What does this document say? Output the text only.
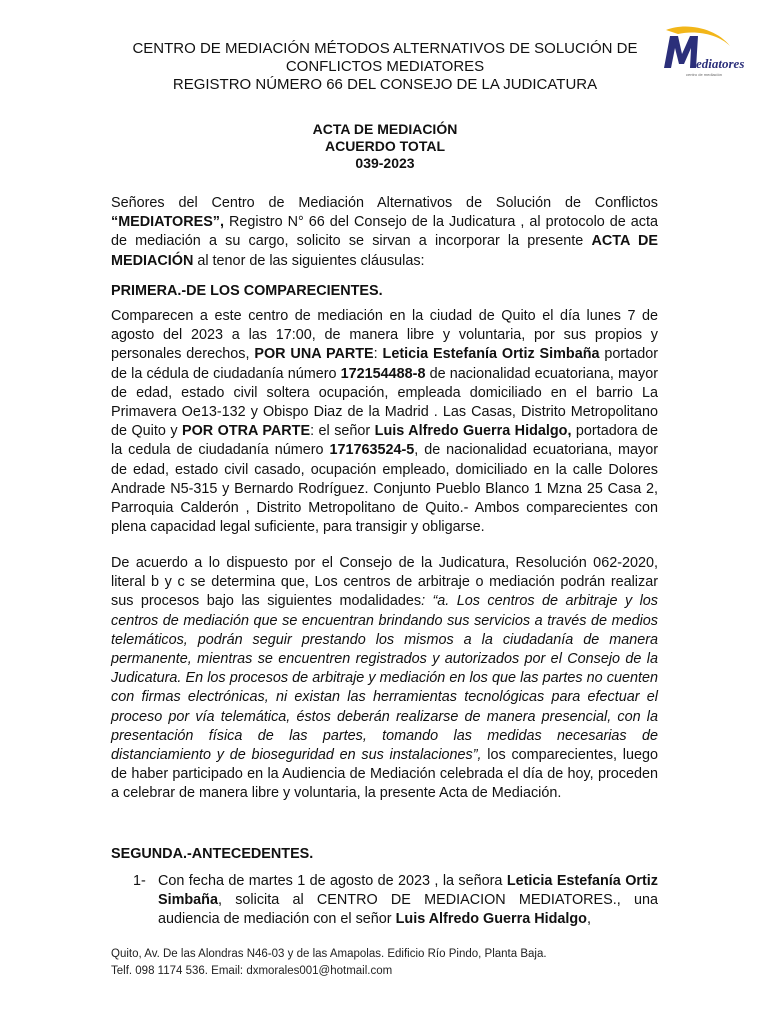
CENTRO DE MEDIACIÓN MÉTODOS ALTERNATIVOS DE SOLUCIÓN DE
CONFLICTOS MEDIATORES
REGISTRO NÚMERO 66 DEL CONSEJO DE LA JUDICATURA
ediatores
centro de mediación
ACTA DE MEDIACIÓN
ACUERDO TOTAL
039-2023

Señores del Centro de Mediación Alternativos de Solución de Conflictos “MEDIATORES”, Registro N° 66 del Consejo de la Judicatura , al protocolo de acta de mediación a su cargo, solicito se sirvan a incorporar la presente ACTA DE MEDIACIÓN al tenor de las siguientes cláusulas:

PRIMERA.-DE LOS COMPARECIENTES.

Comparecen a este centro de mediación en la ciudad de Quito el día lunes 7 de agosto del 2023 a las 17:00, de manera libre y voluntaria, por sus propios y personales derechos, POR UNA PARTE: Leticia Estefanía Ortiz Simbaña portador de la cédula de ciudadanía número 172154488-8 de nacionalidad ecuatoriana, mayor de edad, estado civil soltera ocupación, empleada domiciliado en el barrio La Primavera Oe13-132 y Obispo Diaz de la Madrid . Las Casas, Distrito Metropolitano de Quito y POR OTRA PARTE: el señor Luis Alfredo Guerra Hidalgo, portadora de la cedula de ciudadanía número 171763524-5, de nacionalidad ecuatoriana, mayor de edad, estado civil casado, ocupación empleado, domiciliado en la calle Dolores Andrade N5-315 y Bernardo Rodríguez. Conjunto Pueblo Blanco 1 Mzna 25 Casa 2, Parroquia Calderón , Distrito Metropolitano de Quito.- Ambos comparecientes con plena capacidad legal suficiente, para transigir y obligarse.

De acuerdo a lo dispuesto por el Consejo de la Judicatura, Resolución 062-2020, literal b y c se determina que, Los centros de arbitraje o mediación podrán realizar sus procesos bajo las siguientes modalidades: “a. Los centros de arbitraje y los centros de mediación que se encuentran brindando sus servicios a través de medios telemáticos, podrán seguir prestando los mismos a la ciudadanía de manera permanente, mientras se encuentren registrados y autorizados por el Consejo de la Judicatura. En los procesos de arbitraje y mediación en los que las partes no cuenten con firmas electrónicas, ni existan las herramientas tecnológicas para efectuar el proceso por vía telemática, éstos deberán realizarse de manera presencial, con la presentación física de las partes, tomando las medidas necesarias de distanciamiento y de bioseguridad en sus instalaciones”, los comparecientes, luego de haber participado en la Audiencia de Mediación celebrada el día de hoy, proceden a celebrar de manera libre y voluntaria, la presente Acta de Mediación.

SEGUNDA.-ANTECEDENTES.
1- Con fecha de martes 1 de agosto de 2023 , la señora Leticia Estefanía Ortiz Simbaña, solicita al CENTRO DE MEDIACION MEDIATORES., una audiencia de mediación con el señor Luis Alfredo Guerra Hidalgo,
Quito, Av. De las Alondras N46-03 y de las Amapolas. Edificio Río Pindo, Planta Baja.
Telf. 098 1174 536. Email: dxmorales001@hotmail.com
